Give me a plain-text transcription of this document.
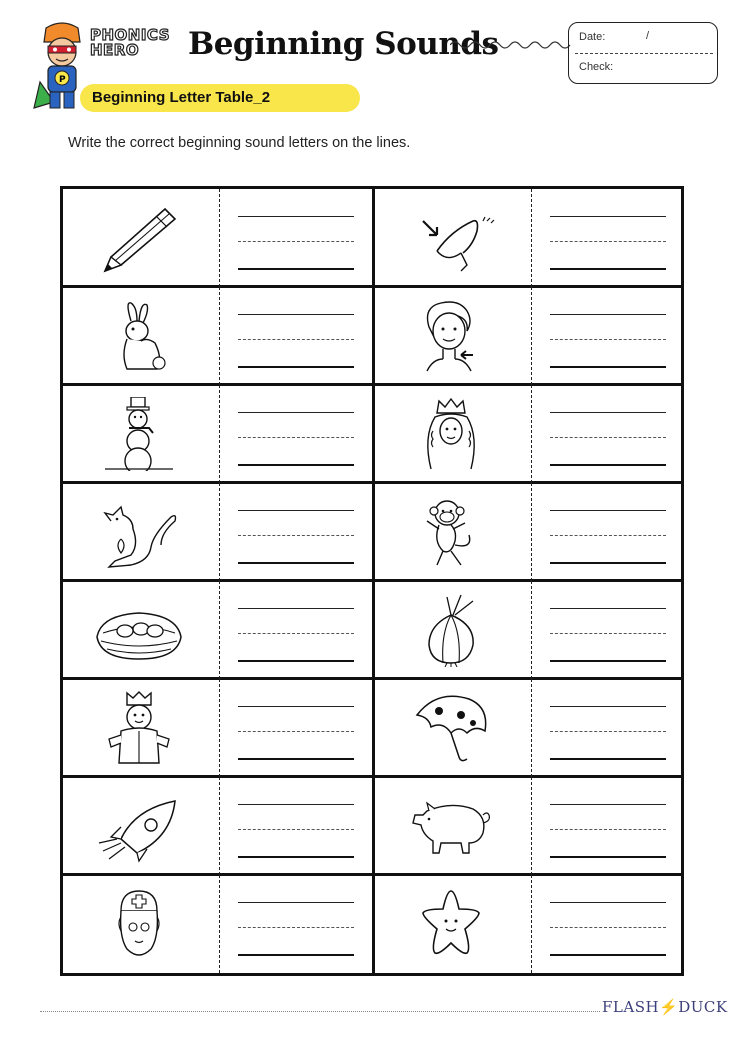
P
PHONICS
HERO	Beginning Sounds	Date:	/
Check:
Beginning Letter Table_2
Write the correct beginning sound letters on the lines.
FLASH⚡DUCK
